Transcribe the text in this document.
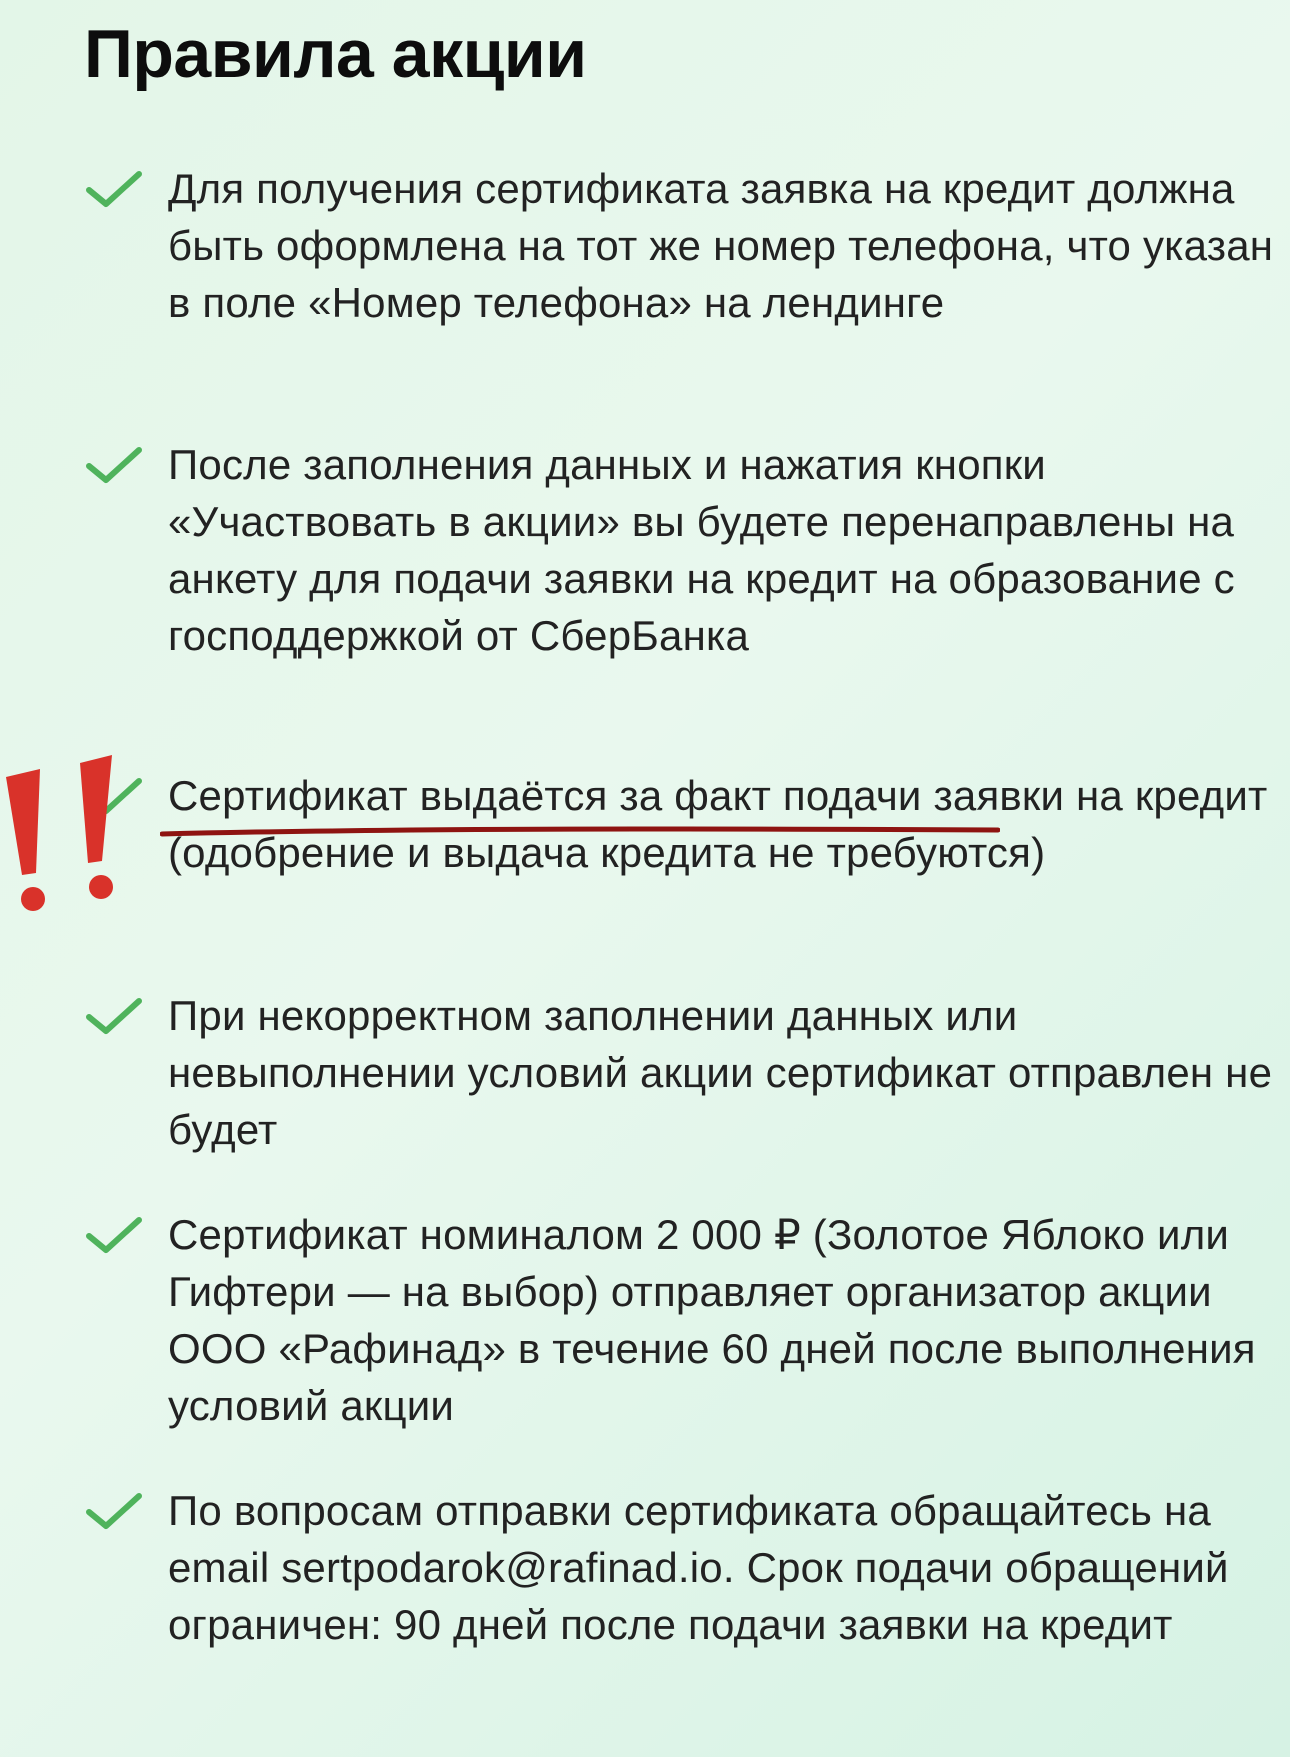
Правила акции

Для получения сертификата заявка на кредит должна быть оформлена на тот же номер телефона, что указан в поле «Номер телефона» на лендинге

После заполнения данных и нажатия кнопки «Участвовать в акции» вы будете перенаправлены на анкету для подачи заявки на кредит на образование с господдержкой от СберБанка

Сертификат выдаётся за факт подачи заявки на кредит (одобрение и выдача кредита не требуются)

При некорректном заполнении данных или невыполнении условий акции сертификат отправлен не будет

Сертификат номиналом 2 000 ₽ (Золотое Яблоко или Гифтери — на выбор) отправляет организатор акции ООО «Рафинад» в течение 60 дней после выполнения условий акции

По вопросам отправки сертификата обращайтесь на email sertpodarok@rafinad.io. Срок подачи обращений ограничен: 90 дней после подачи заявки на кредит
